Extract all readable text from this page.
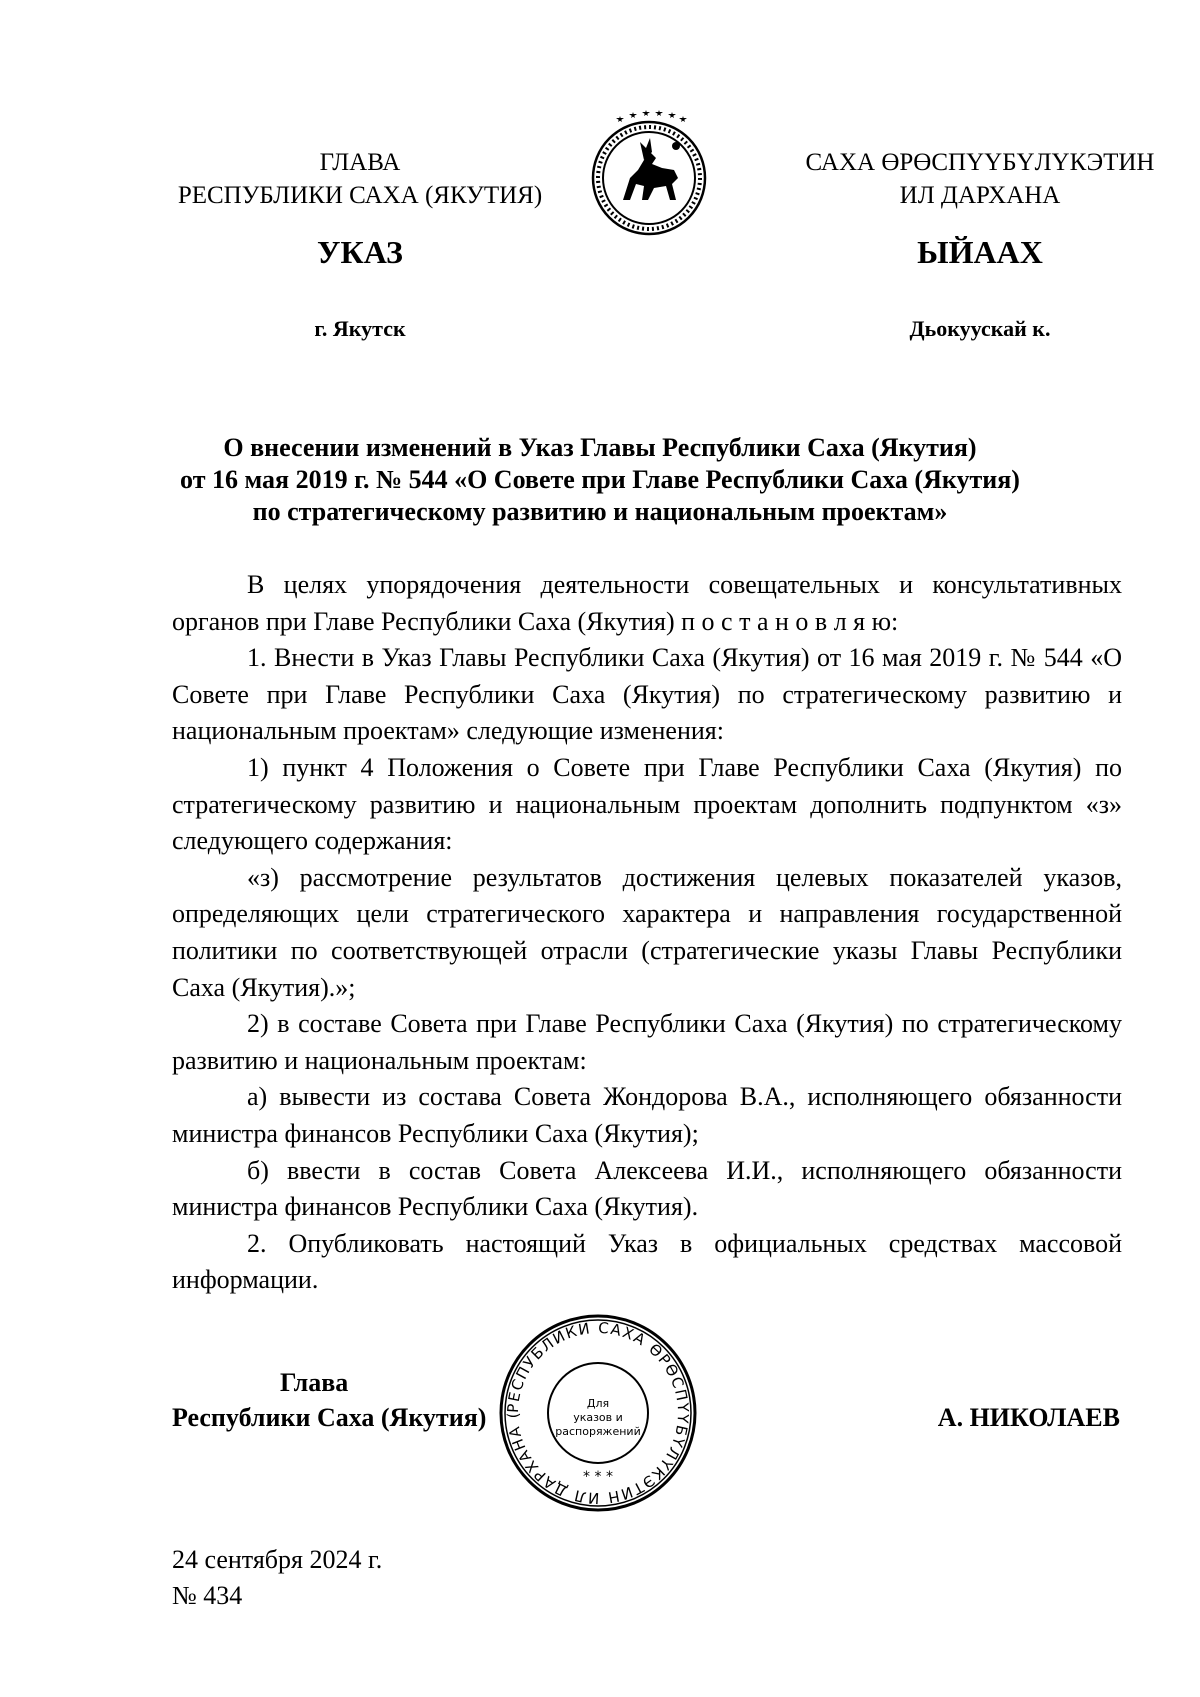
ГЛАВА
РЕСПУБЛИКИ САХА (ЯКУТИЯ)
САХА ӨРӨСПҮҮБҮЛҮКЭТИН
ИЛ ДАРХАНА
УКАЗ	ЫЙААХ
г. Якутск	Дьокуускай к.
О внесении изменений в Указ Главы Республики Саха (Якутия)
от 16 мая 2019 г. № 544 «О Совете при Главе Республики Саха (Якутия)
по стратегическому развитию и национальным проектам»

В целях упорядочения деятельности совещательных и консультативных органов при Главе Республики Саха (Якутия) п о с т а н о в л я ю:

1. Внести в Указ Главы Республики Саха (Якутия) от 16 мая 2019 г. № 544 «О Совете при Главе Республики Саха (Якутия) по стратегическому развитию и национальным проектам» следующие изменения:

1) пункт 4 Положения о Совете при Главе Республики Саха (Якутия) по стратегическому развитию и национальным проектам дополнить подпунктом «з» следующего содержания:

«з) рассмотрение результатов достижения целевых показателей указов, определяющих цели стратегического характера и направления государственной политики по соответствующей отрасли (стратегические указы Главы Республики Саха (Якутия).»;

2) в составе Совета при Главе Республики Саха (Якутия) по стратегическому развитию и национальным проектам:

а) вывести из состава Совета Жондорова В.А., исполняющего обязанности министра финансов Республики Саха (Якутия);

б) ввести в состав Совета Алексеева И.И., исполняющего обязанности министра финансов Республики Саха (Якутия).

2. Опубликовать настоящий Указ в официальных средствах массовой информации.

Глава
Республики Саха (Якутия)	А. НИКОЛАЕВ
РЕСПУБЛИКИ САХА ӨРӨСПҮҮБҮЛҮКЭТИН ИЛ ДАРХАНА (
Для
указов и
распоряжений
* * *
24 сентября 2024 г.
№ 434
